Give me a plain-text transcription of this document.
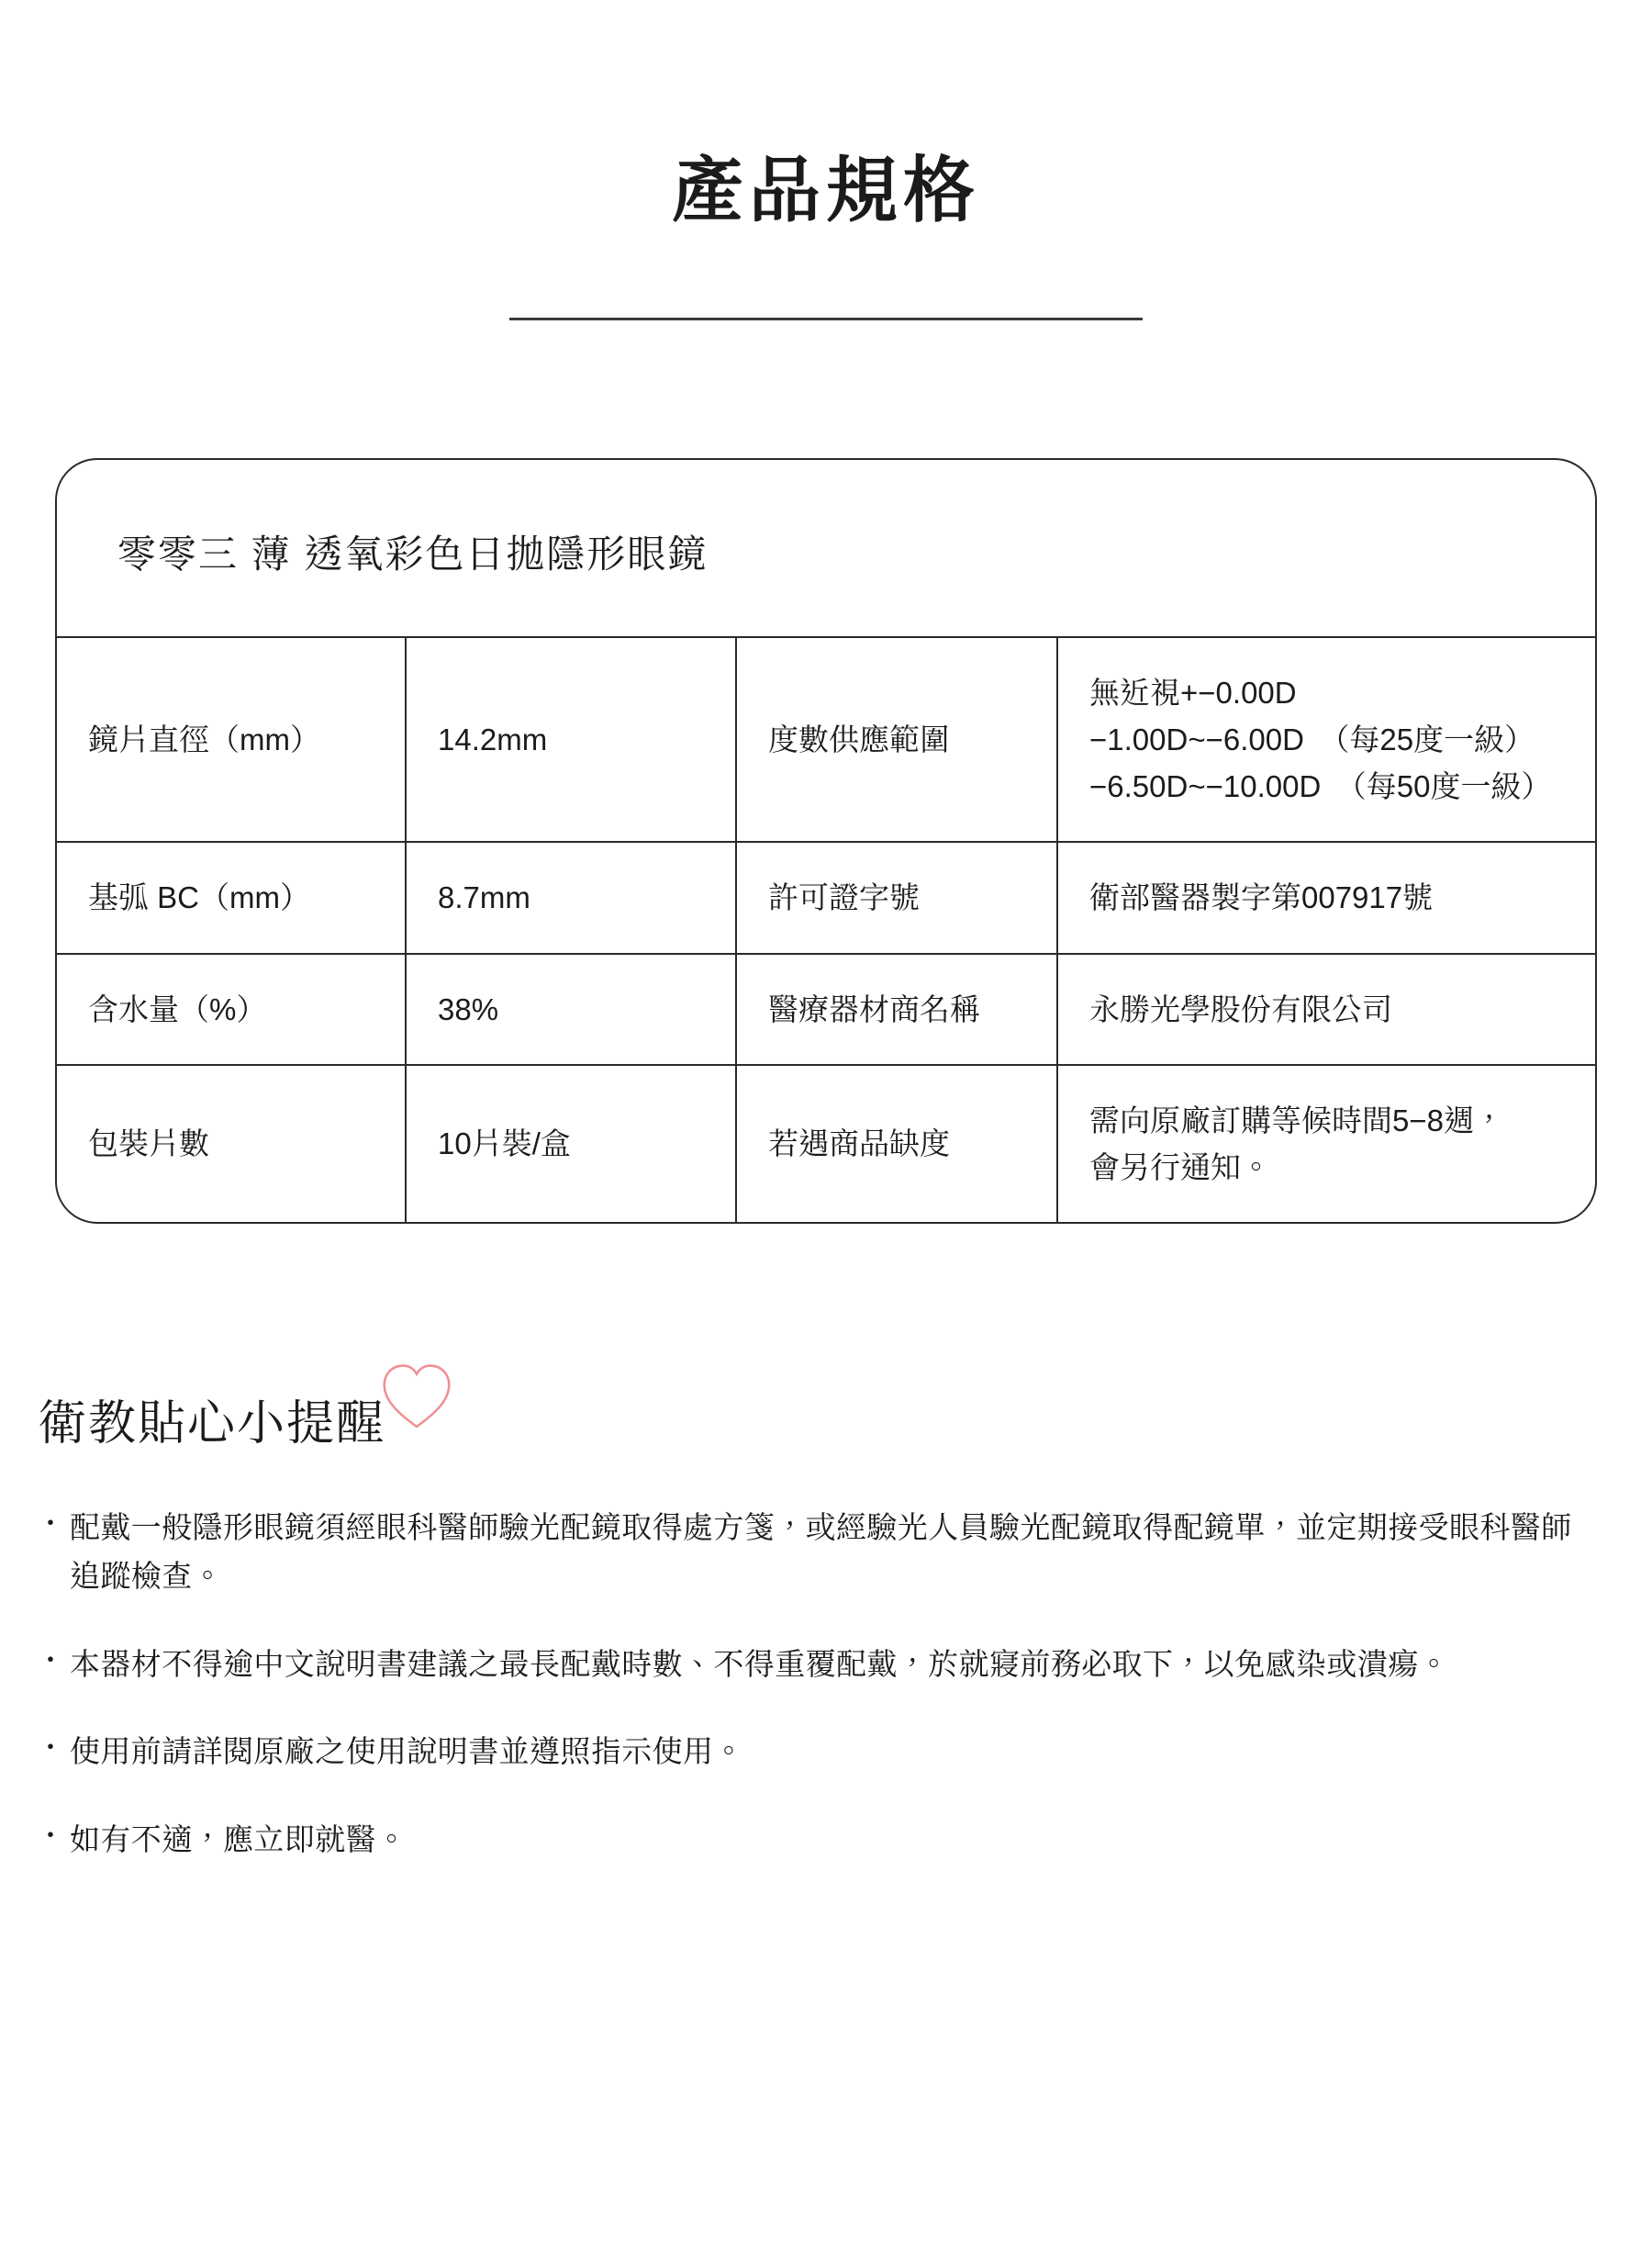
產品規格
零零三 薄 透氧彩色日拋隱形眼鏡
鏡片直徑（mm）	14.2mm	度數供應範圍	無近視+−0.00D
−1.00D~−6.00D　（每25度一級）
−6.50D~−10.00D　（每50度一級）

基弧 BC（mm）	8.7mm	許可證字號	衛部醫器製字第007917號
含水量（%）	38%	醫療器材商名稱	永勝光學股份有限公司
包裝片數	10片裝/盒	若遇商品缺度	需向原廠訂購等候時間5−8週，
會另行通知。
衛教貼心小提醒
・ 配戴一般隱形眼鏡須經眼科醫師驗光配鏡取得處方箋，或經驗光人員驗光配鏡取得配鏡單，並定期接受眼科醫師追蹤檢查。
・ 本器材不得逾中文說明書建議之最長配戴時數、不得重覆配戴，於就寢前務必取下，以免感染或潰瘍。
・ 使用前請詳閱原廠之使用說明書並遵照指示使用。
・ 如有不適，應立即就醫。
